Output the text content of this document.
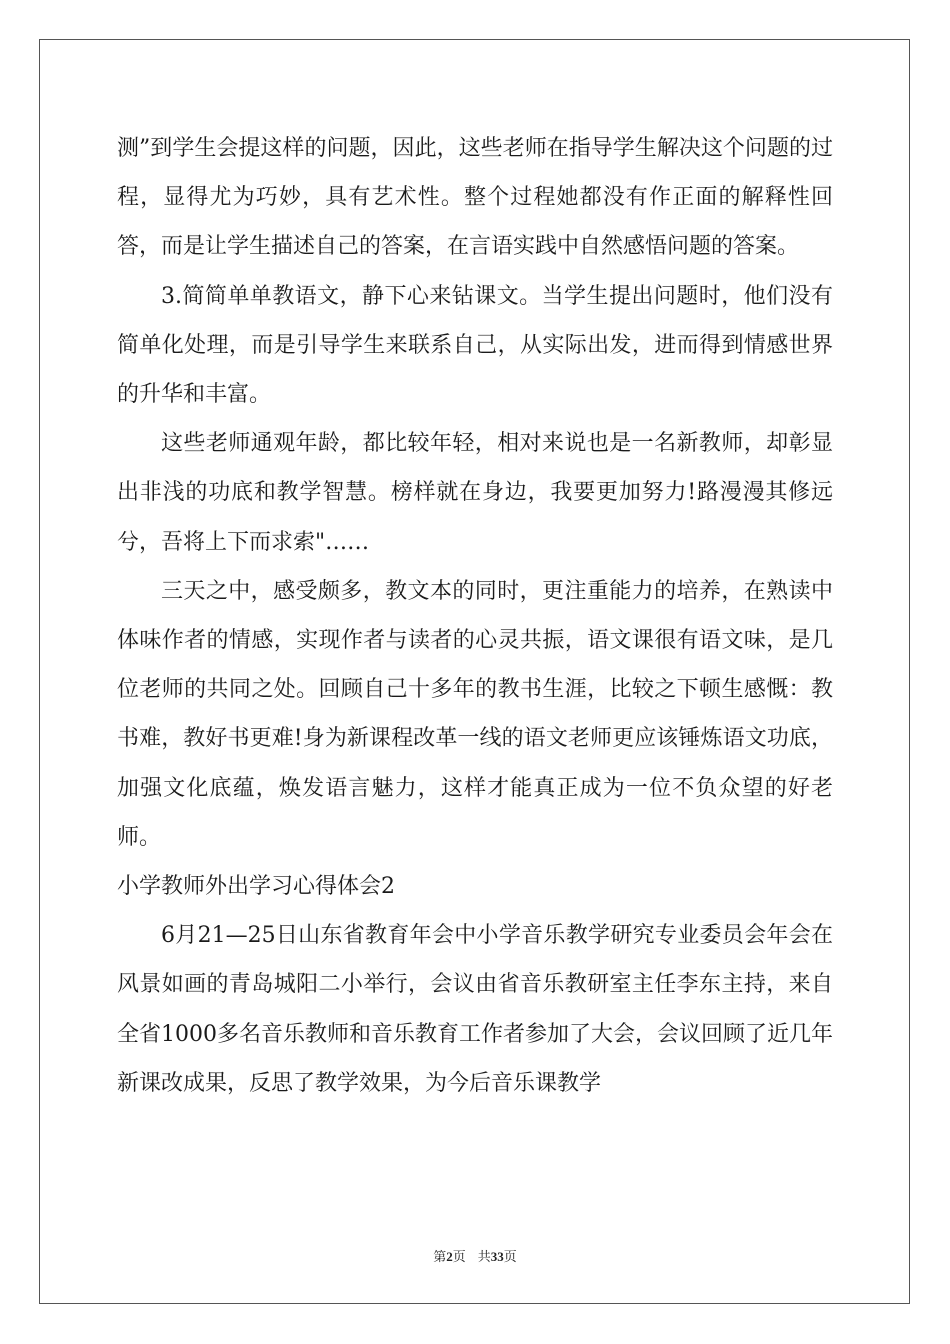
测”到学生会提这样的问题，因此，这些老师在指导学生解决这个问题的过程，显得尤为巧妙，具有艺术性。整个过程她都没有作正面的解释性回答，而是让学生描述自己的答案，在言语实践中自然感悟问题的答案。

3.简简单单教语文，静下心来钻课文。当学生提出问题时，他们没有简单化处理，而是引导学生来联系自己，从实际出发，进而得到情感世界的升华和丰富。

这些老师通观年龄，都比较年轻，相对来说也是一名新教师，却彰显出非浅的功底和教学智慧。榜样就在身边，我要更加努力!路漫漫其修远兮，吾将上下而求索"……

三天之中，感受颇多，教文本的同时，更注重能力的培养，在熟读中体味作者的情感，实现作者与读者的心灵共振，语文课很有语文味，是几位老师的共同之处。回顾自己十多年的教书生涯，比较之下顿生感慨：教书难，教好书更难!身为新课程改革一线的语文老师更应该锤炼语文功底，加强文化底蕴，焕发语言魅力，这样才能真正成为一位不负众望的好老师。

小学教师外出学习心得体会2

6月21—25日山东省教育年会中小学音乐教学研究专业委员会年会在风景如画的青岛城阳二小举行，会议由省音乐教研室主任李东主持，来自全省1000多名音乐教师和音乐教育工作者参加了大会，会议回顾了近几年新课改成果，反思了教学效果，为今后音乐课教学

第2页 共33页
